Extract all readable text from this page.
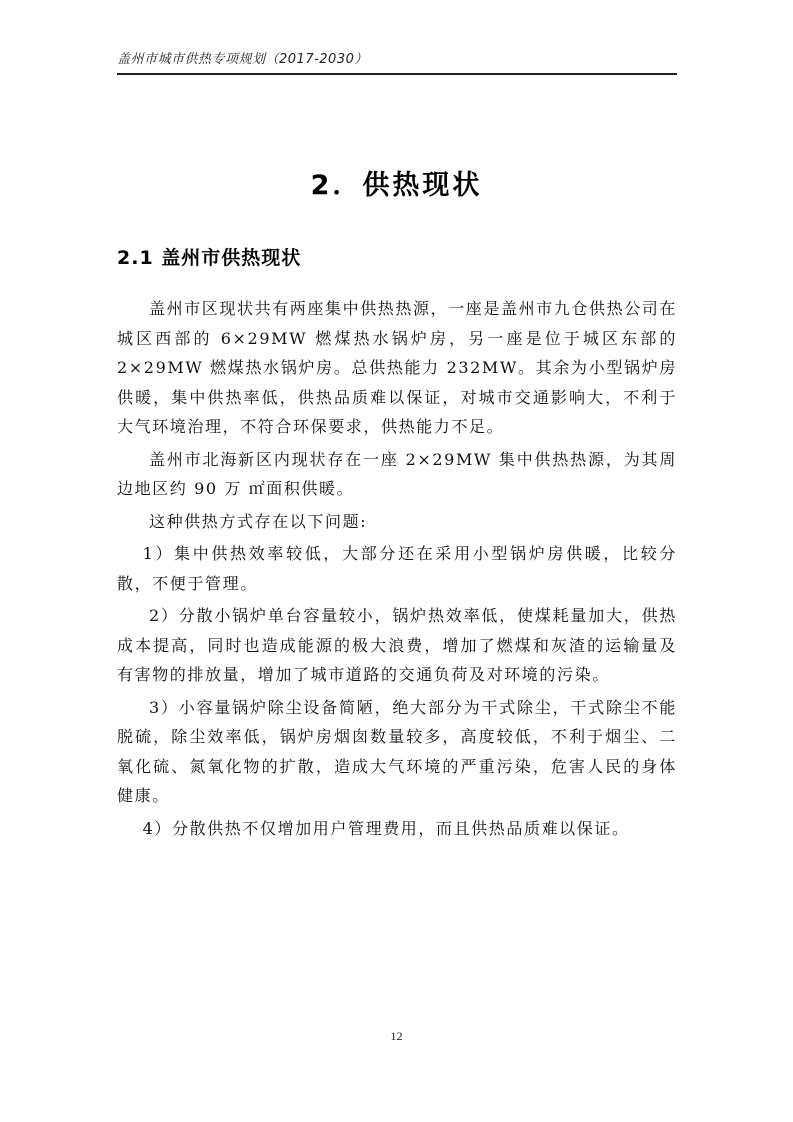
盖州市城市供热专项规划（2017-2030）
2．供热现状
2.1 盖州市供热现状

盖州市区现状共有两座集中供热热源，一座是盖州市九仓供热公司在城区西部的 6×29MW 燃煤热水锅炉房，另一座是位于城区东部的 2×29MW 燃煤热水锅炉房。总供热能力 232MW。其余为小型锅炉房供暖，集中供热率低，供热品质难以保证，对城市交通影响大，不利于大气环境治理，不符合环保要求，供热能力不足。

盖州市北海新区内现状存在一座 2×29MW 集中供热热源，为其周边地区约 90 万 ㎡面积供暖。

这种供热方式存在以下问题:

1）集中供热效率较低，大部分还在采用小型锅炉房供暖，比较分散，不便于管理。

2）分散小锅炉单台容量较小，锅炉热效率低，使煤耗量加大，供热成本提高，同时也造成能源的极大浪费，增加了燃煤和灰渣的运输量及有害物的排放量，增加了城市道路的交通负荷及对环境的污染。

3）小容量锅炉除尘设备简陋，绝大部分为干式除尘，干式除尘不能脱硫，除尘效率低，锅炉房烟囱数量较多，高度较低，不利于烟尘、二氧化硫、氮氧化物的扩散，造成大气环境的严重污染，危害人民的身体健康。

4）分散供热不仅增加用户管理费用，而且供热品质难以保证。

12
